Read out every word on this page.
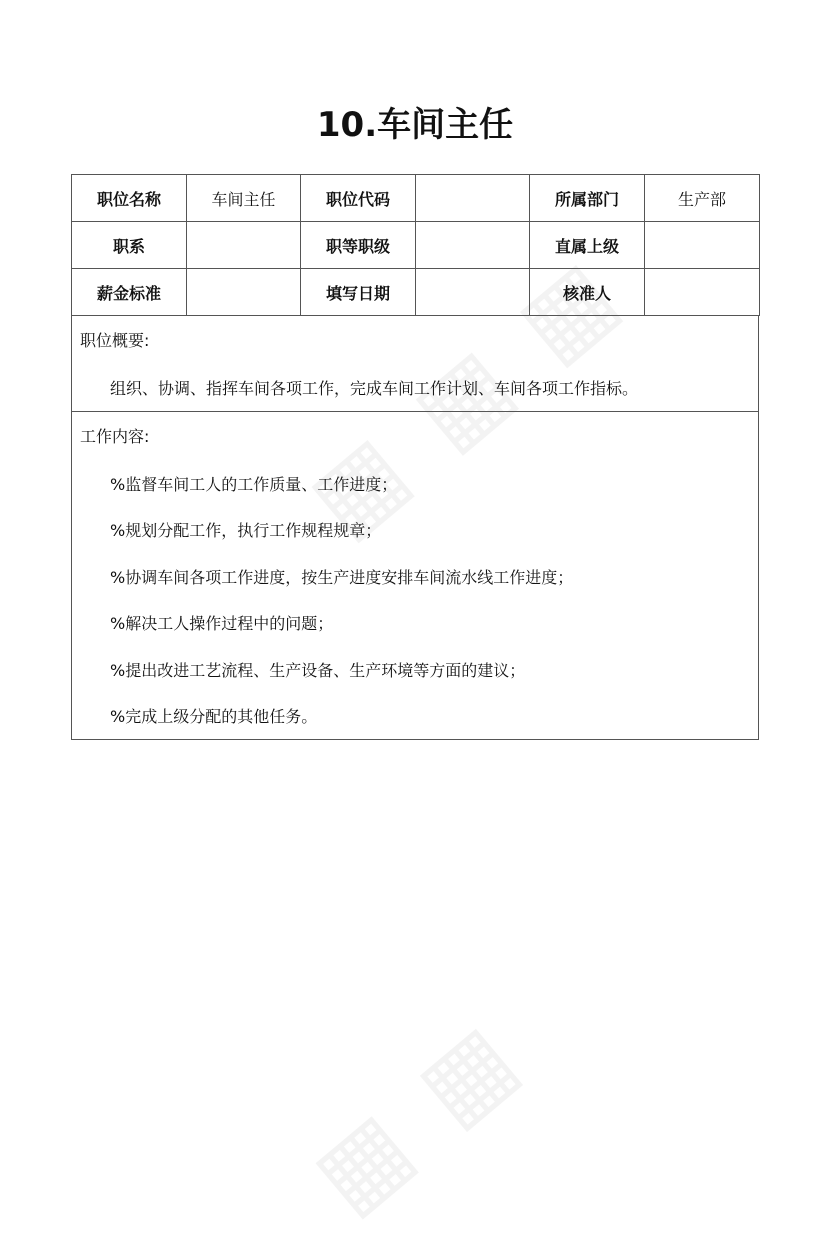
10.车间主任
职位名称	车间主任	职位代码		所属部门	生产部
职系		职等职级		直属上级	
薪金标准		填写日期		核准人	
职位概要:
组织、协调、指挥车间各项工作，完成车间工作计划、车间各项工作指标。
工作内容:
%监督车间工人的工作质量、工作进度；
%规划分配工作，执行工作规程规章；
%协调车间各项工作进度，按生产进度安排车间流水线工作进度；
%解决工人操作过程中的问题；
%提出改进工艺流程、生产设备、生产环境等方面的建议；
%完成上级分配的其他任务。
